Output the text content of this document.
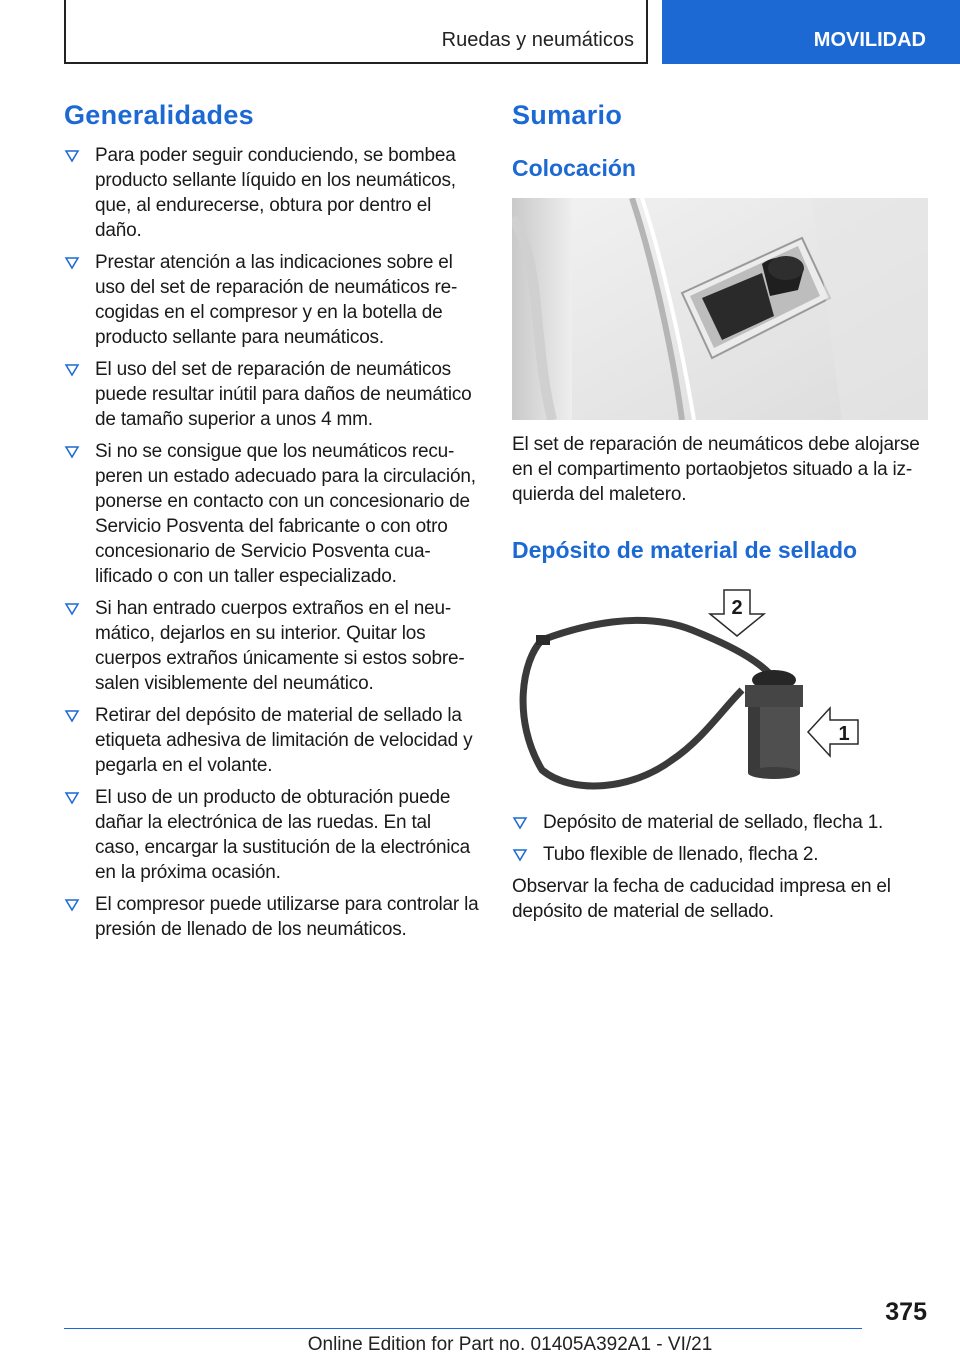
Ruedas y neumáticos	MOVILIDAD
Generalidades
Para poder seguir conduciendo, se bombea producto sellante líquido en los neumáticos, que, al endurecerse, obtura por dentro el daño.
Prestar atención a las indicaciones sobre el uso del set de reparación de neumáticos recogidas en el compresor y en la botella de producto sellante para neumáticos.
El uso del set de reparación de neumáticos puede resultar inútil para daños de neumático de tamaño superior a unos 4 mm.
Si no se consigue que los neumáticos recuperen un estado adecuado para la circulación, ponerse en contacto con un concesionario de Servicio Posventa del fabricante o con otro concesionario de Servicio Posventa cualificado o con un taller especializado.
Si han entrado cuerpos extraños en el neumático, dejarlos en su interior. Quitar los cuerpos extraños únicamente si estos sobresalen visiblemente del neumático.
Retirar del depósito de material de sellado la etiqueta adhesiva de limitación de velocidad y pegarla en el volante.
El uso de un producto de obturación puede dañar la electrónica de las ruedas. En tal caso, encargar la sustitución de la electrónica en la próxima ocasión.
El compresor puede utilizarse para controlar la presión de llenado de los neumáticos.
Sumario
Colocación

El set de reparación de neumáticos debe alojarse en el compartimento portaobjetos situado a la izquierda del maletero.

Depósito de material de sellado
2
1
Depósito de material de sellado, flecha 1.
Tubo flexible de llenado, flecha 2.

Observar la fecha de caducidad impresa en el depósito de material de sellado.

375
Online Edition for Part no. 01405A392A1 - VI/21
